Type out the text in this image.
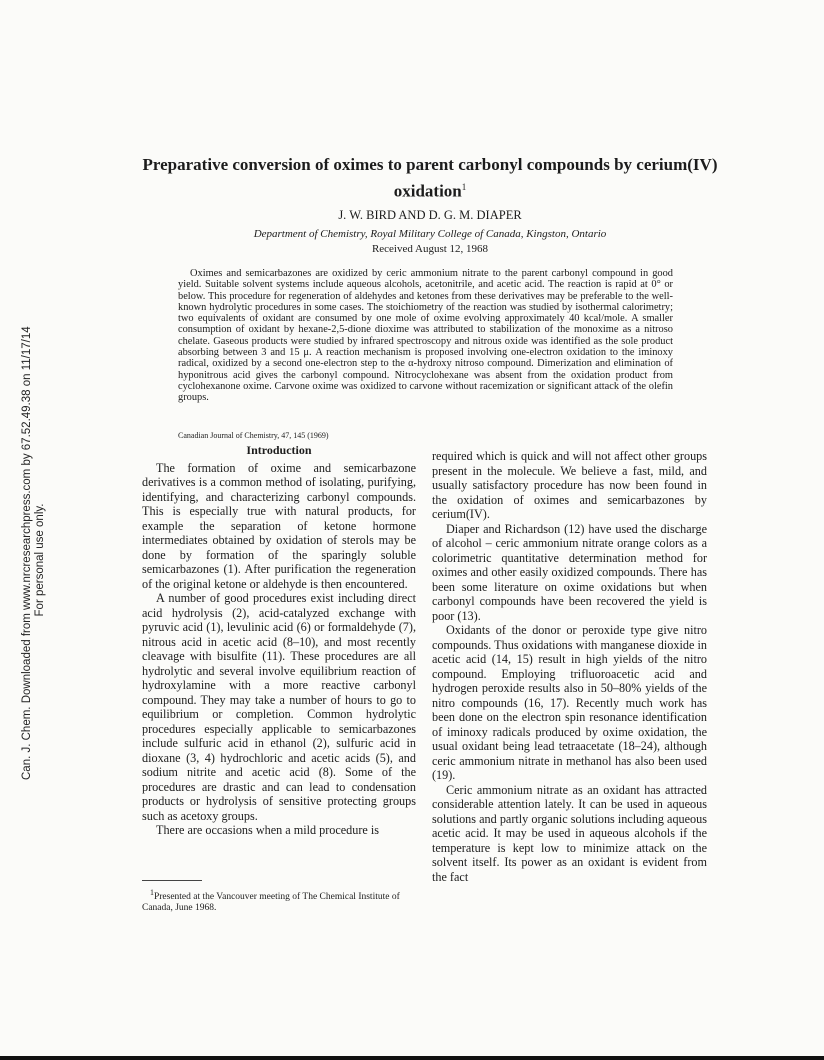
Can. J. Chem. Downloaded from www.nrcresearchpress.com by 67.52.49.38 on 11/17/14 For personal use only.
Preparative conversion of oximes to parent carbonyl compounds by cerium(IV) oxidation$^1$
J. W. BIRD AND D. G. M. DIAPER
Department of Chemistry, Royal Military College of Canada, Kingston, Ontario
Received August 12, 1968

Oximes and semicarbazones are oxidized by ceric ammonium nitrate to the parent carbonyl compound in good yield. Suitable solvent systems include aqueous alcohols, acetonitrile, and acetic acid. The reaction is rapid at 0° or below. This procedure for regeneration of aldehydes and ketones from these derivatives may be preferable to the well-known hydrolytic procedures in some cases. The stoichiometry of the reaction was studied by isothermal calorimetry; two equivalents of oxidant are consumed by one mole of oxime evolving approximately 40 kcal/mole. A smaller consumption of oxidant by hexane-2,5-dione dioxime was attributed to stabilization of the monoxime as a nitroso chelate. Gaseous products were studied by infrared spectroscopy and nitrous oxide was identified as the sole product absorbing between 3 and 15 μ. A reaction mechanism is proposed involving one-electron oxidation to the iminoxy radical, oxidized by a second one-electron step to the α-hydroxy nitroso compound. Dimerization and elimination of hyponitrous acid gives the carbonyl compound. Nitrocyclohexane was absent from the oxidation product from cyclohexanone oxime. Carvone oxime was oxidized to carvone without racemization or significant attack of the olefin groups.

Canadian Journal of Chemistry, 47, 145 (1969)
Introduction

The formation of oxime and semicarbazone derivatives is a common method of isolating, purifying, identifying, and characterizing carbonyl compounds. This is especially true with natural products, for example the separation of ketone hormone intermediates obtained by oxidation of sterols may be done by formation of the sparingly soluble semicarbazones (1). After purification the regeneration of the original ketone or aldehyde is then encountered.

A number of good procedures exist including direct acid hydrolysis (2), acid-catalyzed exchange with pyruvic acid (1), levulinic acid (6) or formaldehyde (7), nitrous acid in acetic acid (8–10), and most recently cleavage with bisulfite (11). These procedures are all hydrolytic and several involve equilibrium reaction of hydroxylamine with a more reactive carbonyl compound. They may take a number of hours to go to equilibrium or completion. Common hydrolytic procedures especially applicable to semicarbazones include sulfuric acid in ethanol (2), sulfuric acid in dioxane (3, 4) hydrochloric and acetic acids (5), and sodium nitrite and acetic acid (8). Some of the procedures are drastic and can lead to condensation products or hydrolysis of sensitive protecting groups such as acetoxy groups.

There are occasions when a mild procedure is

required which is quick and will not affect other groups present in the molecule. We believe a fast, mild, and usually satisfactory procedure has now been found in the oxidation of oximes and semicarbazones by cerium(IV).

Diaper and Richardson (12) have used the discharge of alcohol – ceric ammonium nitrate orange colors as a colorimetric quantitative determination method for oximes and other easily oxidized compounds. There has been some literature on oxime oxidations but when carbonyl compounds have been recovered the yield is poor (13).

Oxidants of the donor or peroxide type give nitro compounds. Thus oxidations with manganese dioxide in acetic acid (14, 15) result in high yields of the nitro compound. Employing trifluoroacetic acid and hydrogen peroxide results also in 50–80% yields of the nitro compounds (16, 17). Recently much work has been done on the electron spin resonance identification of iminoxy radicals produced by oxime oxidation, the usual oxidant being lead tetraacetate (18–24), although ceric ammonium nitrate in methanol has also been used (19).

Ceric ammonium nitrate as an oxidant has attracted considerable attention lately. It can be used in aqueous solutions and partly organic solutions including aqueous acetic acid. It may be used in aqueous alcohols if the temperature is kept low to minimize attack on the solvent itself. Its power as an oxidant is evident from the fact

$^1$Presented at the Vancouver meeting of The Chemical Institute of Canada, June 1968.
